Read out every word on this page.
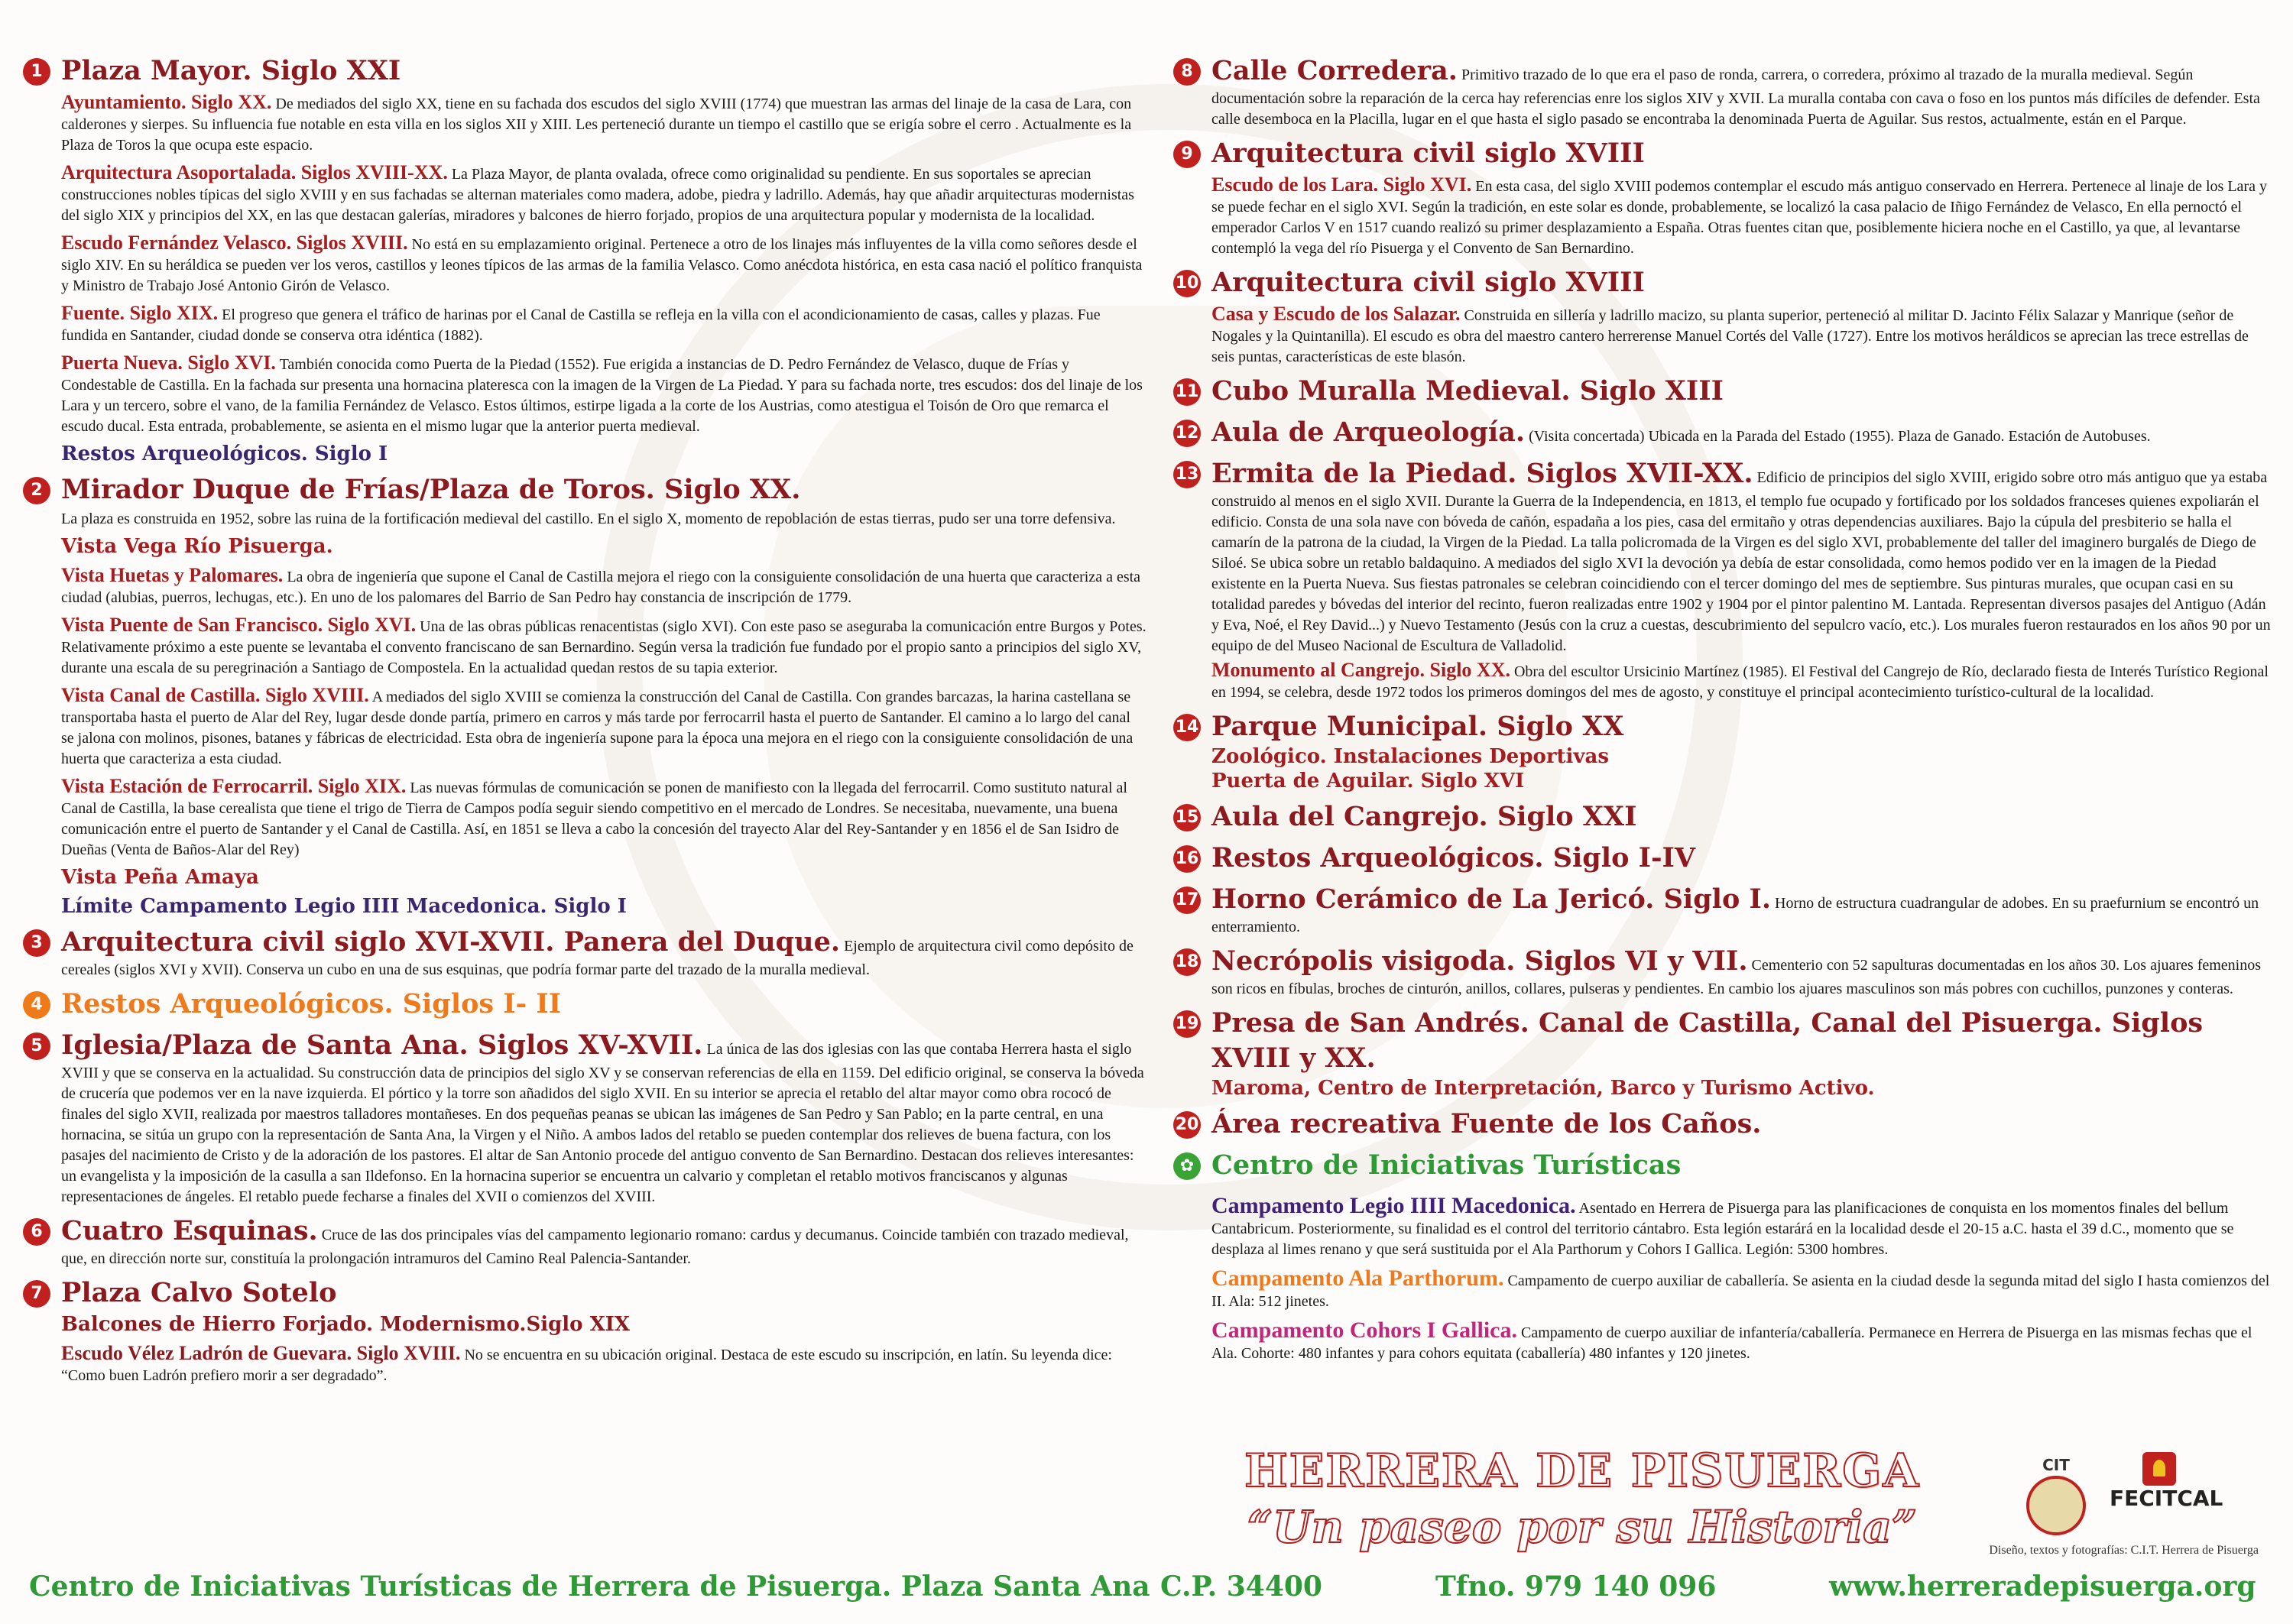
1 Plaza Mayor. Siglo XXI
Ayuntamiento. Siglo XX. De mediados del siglo XX, tiene en su fachada dos escudos del siglo XVIII (1774) que muestran las armas del linaje de la casa de Lara, con calderones y sierpes. Su influencia fue notable en esta villa en los siglos XII y XIII. Les perteneció durante un tiempo el castillo que se erigía sobre el cerro . Actualmente es la Plaza de Toros la que ocupa este espacio.
Arquitectura Asoportalada. Siglos XVIII-XX. La Plaza Mayor, de planta ovalada, ofrece como originalidad su pendiente. En sus soportales se aprecian construcciones nobles típicas del siglo XVIII y en sus fachadas se alternan materiales como madera, adobe, piedra y ladrillo. Además, hay que añadir arquitecturas modernistas del siglo XIX y principios del XX, en las que destacan galerías, miradores y balcones de hierro forjado, propios de una arquitectura popular y modernista de la localidad.
Escudo Fernández Velasco. Siglos XVIII. No está en su emplazamiento original. Pertenece a otro de los linajes más influyentes de la villa como señores desde el siglo XIV. En su heráldica se pueden ver los veros, castillos y leones típicos de las armas de la familia Velasco. Como anécdota histórica, en esta casa nació el político franquista y Ministro de Trabajo José Antonio Girón de Velasco.
Fuente. Siglo XIX. El progreso que genera el tráfico de harinas por el Canal de Castilla se refleja en la villa con el acondicionamiento de casas, calles y plazas. Fue fundida en Santander, ciudad donde se conserva otra idéntica (1882).
Puerta Nueva. Siglo XVI. También conocida como Puerta de la Piedad (1552). Fue erigida a instancias de D. Pedro Fernández de Velasco, duque de Frías y Condestable de Castilla. En la fachada sur presenta una hornacina plateresca con la imagen de la Virgen de La Piedad. Y para su fachada norte, tres escudos: dos del linaje de los Lara y un tercero, sobre el vano, de la familia Fernández de Velasco. Estos últimos, estirpe ligada a la corte de los Austrias, como atestigua el Toisón de Oro que remarca el escudo ducal. Esta entrada, probablemente, se asienta en el mismo lugar que la anterior puerta medieval.
Restos Arqueológicos. Siglo I
2 Mirador Duque de Frías/Plaza de Toros. Siglo XX.
La plaza es construida en 1952, sobre las ruina de la fortificación medieval del castillo. En el siglo X, momento de repoblación de estas tierras, pudo ser una torre defensiva.
Vista Vega Río Pisuerga.
Vista Huetas y Palomares. La obra de ingeniería que supone el Canal de Castilla mejora el riego con la consiguiente consolidación de una huerta que caracteriza a esta ciudad (alubias, puerros, lechugas, etc.). En uno de los palomares del Barrio de San Pedro hay constancia de inscripción de 1779.
Vista Puente de San Francisco. Siglo XVI. Una de las obras públicas renacentistas (siglo XVI). Con este paso se aseguraba la comunicación entre Burgos y Potes. Relativamente próximo a este puente se levantaba el convento franciscano de san Bernardino. Según versa la tradición fue fundado por el propio santo a principios del siglo XV, durante una escala de su peregrinación a Santiago de Compostela. En la actualidad quedan restos de su tapia exterior.
Vista Canal de Castilla. Siglo XVIII. A mediados del siglo XVIII se comienza la construcción del Canal de Castilla. Con grandes barcazas, la harina castellana se transportaba hasta el puerto de Alar del Rey, lugar desde donde partía, primero en carros y más tarde por ferrocarril hasta el puerto de Santander. El camino a lo largo del canal se jalona con molinos, pisones, batanes y fábricas de electricidad. Esta obra de ingeniería supone para la época una mejora en el riego con la consiguiente consolidación de una huerta que caracteriza a esta ciudad.
Vista Estación de Ferrocarril. Siglo XIX. Las nuevas fórmulas de comunicación se ponen de manifiesto con la llegada del ferrocarril. Como sustituto natural al Canal de Castilla, la base cerealista que tiene el trigo de Tierra de Campos podía seguir siendo competitivo en el mercado de Londres. Se necesitaba, nuevamente, una buena comunicación entre el puerto de Santander y el Canal de Castilla. Así, en 1851 se lleva a cabo la concesión del trayecto Alar del Rey-Santander y en 1856 el de San Isidro de Dueñas (Venta de Baños-Alar del Rey)
Vista Peña Amaya
Límite Campamento Legio IIII Macedonica. Siglo I
3 Arquitectura civil siglo XVI-XVII. Panera del Duque. Ejemplo de arquitectura civil como depósito de cereales (siglos XVI y XVII). Conserva un cubo en una de sus esquinas, que podría formar parte del trazado de la muralla medieval.
4 Restos Arqueológicos. Siglos I- II
5 Iglesia/Plaza de Santa Ana. Siglos XV-XVII. La única de las dos iglesias con las que contaba Herrera hasta el siglo XVIII y que se conserva en la actualidad. Su construcción data de principios del siglo XV y se conservan referencias de ella en 1159. Del edificio original, se conserva la bóveda de crucería que podemos ver en la nave izquierda. El pórtico y la torre son añadidos del siglo XVII. En su interior se aprecia el retablo del altar mayor como obra rococó de finales del siglo XVII, realizada por maestros talladores montañeses. En dos pequeñas peanas se ubican las imágenes de San Pedro y San Pablo; en la parte central, en una hornacina, se sitúa un grupo con la representación de Santa Ana, la Virgen y el Niño. A ambos lados del retablo se pueden contemplar dos relieves de buena factura, con los pasajes del nacimiento de Cristo y de la adoración de los pastores. El altar de San Antonio procede del antiguo convento de San Bernardino. Destacan dos relieves interesantes: un evangelista y la imposición de la casulla a san Ildefonso. En la hornacina superior se encuentra un calvario y completan el retablo motivos franciscanos y algunas representaciones de ángeles. El retablo puede fecharse a finales del XVII o comienzos del XVIII.
6 Cuatro Esquinas. Cruce de las dos principales vías del campamento legionario romano: cardus y decumanus. Coincide también con trazado medieval, que, en dirección norte sur, constituía la prolongación intramuros del Camino Real Palencia-Santander.
7 Plaza Calvo Sotelo
Balcones de Hierro Forjado. Modernismo.Siglo XIX
Escudo Vélez Ladrón de Guevara. Siglo XVIII. No se encuentra en su ubicación original. Destaca de este escudo su inscripción, en latín. Su leyenda dice: “Como buen Ladrón prefiero morir a ser degradado”.
8 Calle Corredera. Primitivo trazado de lo que era el paso de ronda, carrera, o corredera, próximo al trazado de la muralla medieval. Según documentación sobre la reparación de la cerca hay referencias enre los siglos XIV y XVII. La muralla contaba con cava o foso en los puntos más difíciles de defender. Esta calle desemboca en la Placilla, lugar en el que hasta el siglo pasado se encontraba la denominada Puerta de Aguilar. Sus restos, actualmente, están en el Parque.
9 Arquitectura civil siglo XVIII
Escudo de los Lara. Siglo XVI. En esta casa, del siglo XVIII podemos contemplar el escudo más antiguo conservado en Herrera. Pertenece al linaje de los Lara y se puede fechar en el siglo XVI. Según la tradición, en este solar es donde, probablemente, se localizó la casa palacio de Iñigo Fernández de Velasco, En ella pernoctó el emperador Carlos V en 1517 cuando realizó su primer desplazamiento a España. Otras fuentes citan que, posiblemente hiciera noche en el Castillo, ya que, al levantarse contempló la vega del río Pisuerga y el Convento de San Bernardino.
10 Arquitectura civil siglo XVIII
Casa y Escudo de los Salazar. Construida en sillería y ladrillo macizo, su planta superior, perteneció al militar D. Jacinto Félix Salazar y Manrique (señor de Nogales y la Quintanilla). El escudo es obra del maestro cantero herrerense Manuel Cortés del Valle (1727). Entre los motivos heráldicos se aprecian las trece estrellas de seis puntas, características de este blasón.
11 Cubo Muralla Medieval. Siglo XIII
12 Aula de Arqueología. (Visita concertada) Ubicada en la Parada del Estado (1955). Plaza de Ganado. Estación de Autobuses.
13 Ermita de la Piedad. Siglos XVII-XX. Edificio de principios del siglo XVIII, erigido sobre otro más antiguo que ya estaba construido al menos en el siglo XVII. Durante la Guerra de la Independencia, en 1813, el templo fue ocupado y fortificado por los soldados franceses quienes expoliarán el edificio. Consta de una sola nave con bóveda de cañón, espadaña a los pies, casa del ermitaño y otras dependencias auxiliares. Bajo la cúpula del presbiterio se halla el camarín de la patrona de la ciudad, la Virgen de la Piedad. La talla policromada de la Virgen es del siglo XVI, probablemente del taller del imaginero burgalés de Diego de Siloé. Se ubica sobre un retablo baldaquino. A mediados del siglo XVI la devoción ya debía de estar consolidada, como hemos podido ver en la imagen de la Piedad existente en la Puerta Nueva. Sus fiestas patronales se celebran coincidiendo con el tercer domingo del mes de septiembre. Sus pinturas murales, que ocupan casi en su totalidad paredes y bóvedas del interior del recinto, fueron realizadas entre 1902 y 1904 por el pintor palentino M. Lantada. Representan diversos pasajes del Antiguo (Adán y Eva, Noé, el Rey David...) y Nuevo Testamento (Jesús con la cruz a cuestas, descubrimiento del sepulcro vacío, etc.). Los murales fueron restaurados en los años 90 por un equipo de del Museo Nacional de Escultura de Valladolid.
Monumento al Cangrejo. Siglo XX. Obra del escultor Ursicinio Martínez (1985). El Festival del Cangrejo de Río, declarado fiesta de Interés Turístico Regional en 1994, se celebra, desde 1972 todos los primeros domingos del mes de agosto, y constituye el principal acontecimiento turístico-cultural de la localidad.
14 Parque Municipal. Siglo XX
Zoológico. Instalaciones Deportivas
Puerta de Aguilar. Siglo XVI
15 Aula del Cangrejo. Siglo XXI
16 Restos Arqueológicos. Siglo I-IV
17 Horno Cerámico de La Jericó. Siglo I. Horno de estructura cuadrangular de adobes. En su praefurnium se encontró un enterramiento.
18 Necrópolis visigoda. Siglos VI y VII. Cementerio con 52 sapulturas documentadas en los años 30. Los ajuares femeninos son ricos en fíbulas, broches de cinturón, anillos, collares, pulseras y pendientes. En cambio los ajuares masculinos son más pobres con cuchillos, punzones y conteras.
19 Presa de San Andrés. Canal de Castilla, Canal del Pisuerga. Siglos XVIII y XX.
Maroma, Centro de Interpretación, Barco y Turismo Activo.
20 Área recreativa Fuente de los Caños.
✿ Centro de Iniciativas Turísticas
Campamento Legio IIII Macedonica. Asentado en Herrera de Pisuerga para las planificaciones de conquista en los momentos finales del bellum Cantabricum. Posteriormente, su finalidad es el control del territorio cántabro. Esta legión estarárá en la localidad desde el 20-15 a.C. hasta el 39 d.C., momento que se desplaza al limes renano y que será sustituida por el Ala Parthorum y Cohors I Gallica. Legión: 5300 hombres.
Campamento Ala Parthorum. Campamento de cuerpo auxiliar de caballería. Se asienta en la ciudad desde la segunda mitad del siglo I hasta comienzos del II. Ala: 512 jinetes.
Campamento Cohors I Gallica. Campamento de cuerpo auxiliar de infantería/caballería. Permanece en Herrera de Pisuerga en las mismas fechas que el Ala. Cohorte: 480 infantes y para cohors equitata (caballería) 480 infantes y 120 jinetes.
HERRERA DE PISUERGA
“Un paseo por su Historia”
CIT
FECITCAL
Diseño, textos y fotografías: C.I.T. Herrera de Pisuerga
Centro de Iniciativas Turísticas de Herrera de Pisuerga. Plaza Santa Ana C.P. 34400	Tfno. 979 140 096	www.herreradepisuerga.org
